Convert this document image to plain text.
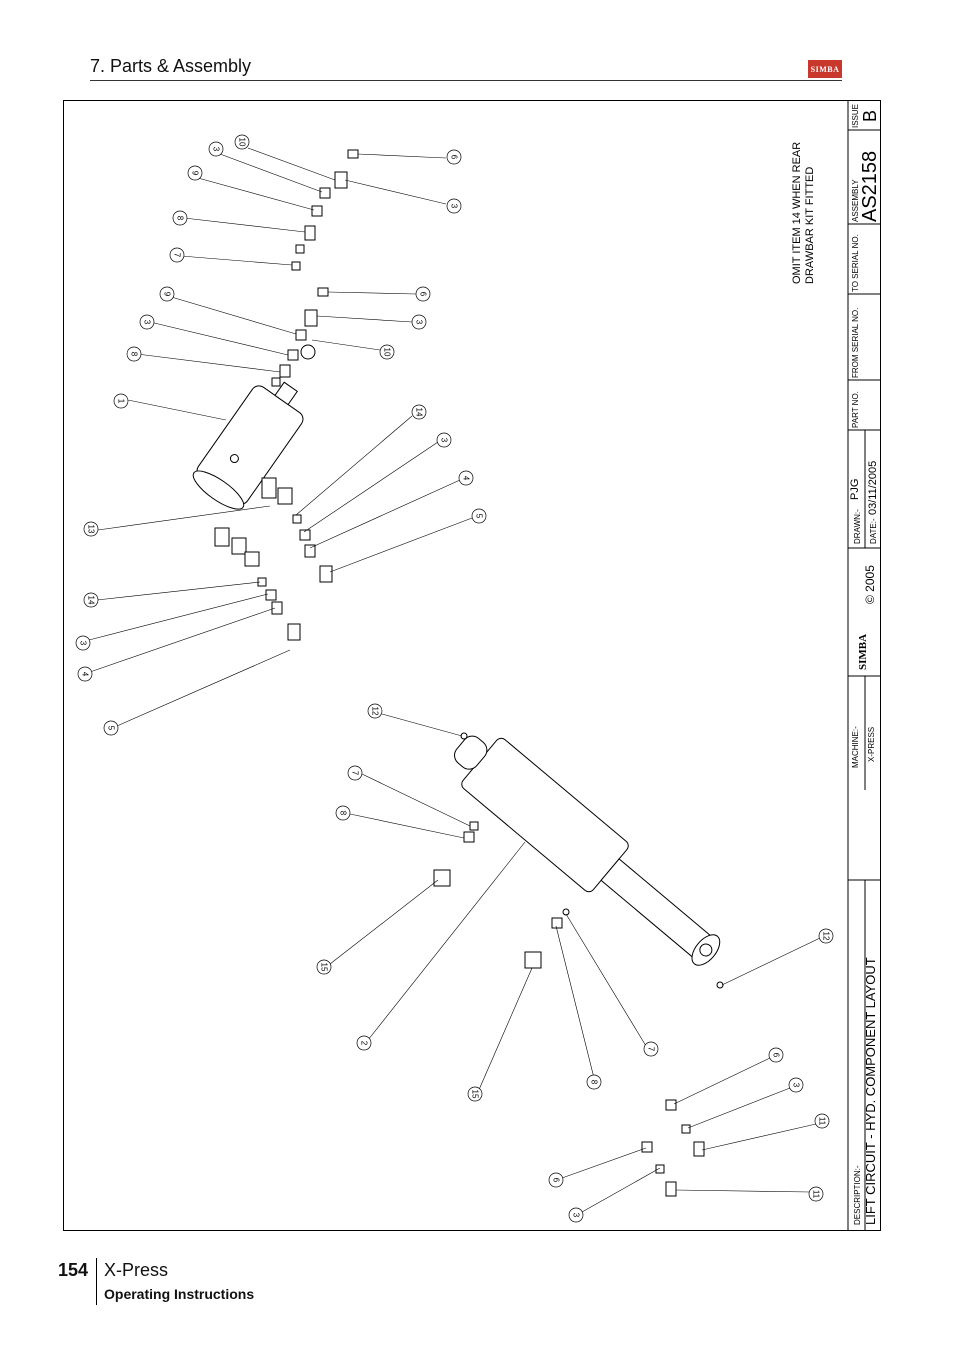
7. Parts & Assembly	SIMBA
DESCRIPTION:- LIFT CIRCUIT - HYD. COMPONENT LAYOUT
MACHINE:- X-PRESS
SIMBA
© 2005
DRAWN:-
PJG
DATE:-
03/11/2005
PART NO.
FROM SERIAL NO.
TO SERIAL NO.
ASSEMBLY AS2158
ISSUE B
OMIT ITEM 14 WHEN REAR DRAWBAR KIT FITTED
10
3
9
8
7
6
3
9
3
8
6
3
10
1
14
3
4
5
13
14
3
4
5
12
7
8
15
2
12
15
8
7
6
3
11
6
3
11
154 X-Press
Operating Instructions
